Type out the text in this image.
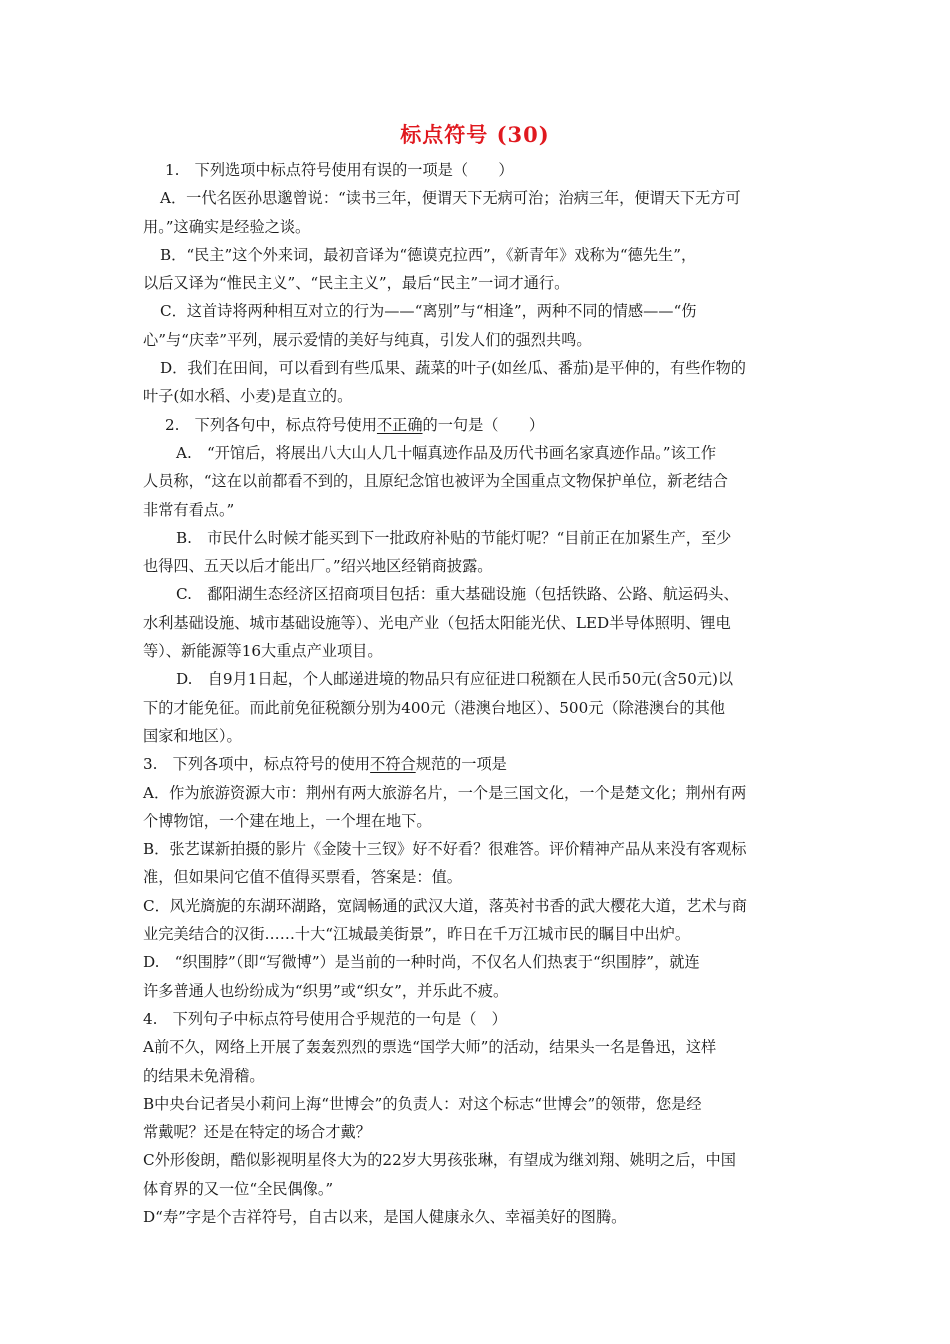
标点符号 (30)
1.　下列选项中标点符号使用有误的一项是（　　）
A．一代名医孙思邈曾说：“读书三年，便谓天下无病可治；治病三年，便谓天下无方可
用。”这确实是经验之谈。
B．“民主”这个外来词，最初音译为“德谟克拉西”，《新青年》戏称为“德先生”，
以后又译为“惟民主义”、“民主主义”，最后“民主”一词才通行。
C．这首诗将两种相互对立的行为——“离别”与“相逢”，两种不同的情感——“伤
心”与“庆幸”平列，展示爱情的美好与纯真，引发人们的强烈共鸣。
D．我们在田间，可以看到有些瓜果、蔬菜的叶子(如丝瓜、番茄)是平伸的，有些作物的
叶子(如水稻、小麦)是直立的。
2.　下列各句中，标点符号使用不正确的一句是（　　）
A.　“开馆后，将展出八大山人几十幅真迹作品及历代书画名家真迹作品。”该工作
人员称，“这在以前都看不到的，且原纪念馆也被评为全国重点文物保护单位，新老结合
非常有看点。”
B.　市民什么时候才能买到下一批政府补贴的节能灯呢？“目前正在加紧生产，至少
也得四、五天以后才能出厂。”绍兴地区经销商披露。
C.　鄱阳湖生态经济区招商项目包括：重大基础设施（包括铁路、公路、航运码头、
水利基础设施、城市基础设施等）、光电产业（包括太阳能光伏、LED半导体照明、锂电
等）、新能源等16大重点产业项目。
D.　自9月1日起，个人邮递进境的物品只有应征进口税额在人民币50元(含50元)以
下的才能免征。而此前免征税额分别为400元（港澳台地区）、500元（除港澳台的其他
国家和地区）。
3.　下列各项中，标点符号的使用不符合规范的一项是
A．作为旅游资源大市：荆州有两大旅游名片，一个是三国文化，一个是楚文化；荆州有两
个博物馆，一个建在地上，一个埋在地下。
B．张艺谋新拍摄的影片《金陵十三钗》好不好看？很难答。评价精神产品从来没有客观标
准，但如果问它值不值得买票看，答案是：值。
C．风光旖旎的东湖环湖路，宽阔畅通的武汉大道，落英衬书香的武大樱花大道，艺术与商
业完美结合的汉街……十大“江城最美街景”，昨日在千万江城市民的瞩目中出炉。
D.　“织围脖”（即“写微博”）是当前的一种时尚，不仅名人们热衷于“织围脖”，就连
许多普通人也纷纷成为“织男”或“织女”，并乐此不疲。
4.　下列句子中标点符号使用合乎规范的一句是（　）
A前不久，网络上开展了轰轰烈烈的票选“国学大师”的活动，结果头一名是鲁迅，这样
的结果未免滑稽。
B中央台记者吴小莉问上海“世博会”的负责人：对这个标志“世博会”的领带，您是经
常戴呢？还是在特定的场合才戴？
C外形俊朗，酷似影视明星佟大为的22岁大男孩张琳，有望成为继刘翔、姚明之后，中国
体育界的又一位“全民偶像。”
D“寿”字是个吉祥符号，自古以来，是国人健康永久、幸福美好的图腾。
